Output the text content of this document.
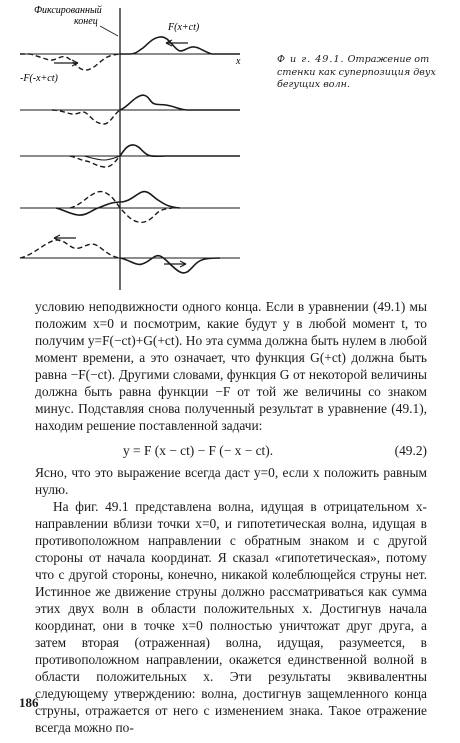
Фиксированный
конец
F(x+ct)
-F(-x+ct)
x	Ф и г. 49.1. Отражение от стенки как суперпозиция двух бегущих волн.

условию неподвижности одного конца. Если в уравнении (49.1) мы положим x=0 и посмотрим, какие будут y в любой момент t, то получим y=F(−ct)+G(+ct). Но эта сумма должна быть нулем в любой момент времени, а это означает, что функция G(+ct) должна быть равна −F(−ct). Другими словами, функция G от некоторой величины должна быть равна функции −F от той же величины со знаком минус. Подставляя снова полученный результат в уравнение (49.1), находим решение поставленной задачи:

y = F (x − ct) − F (− x − ct).	(49.2)

Ясно, что это выражение всегда даст y=0, если x положить равным нулю.

На фиг. 49.1 представлена волна, идущая в отрицательном x-направлении вблизи точки x=0, и гипотетическая волна, идущая в противоположном направлении с обратным знаком и с другой стороны от начала координат. Я сказал «гипотетическая», потому что с другой стороны, конечно, никакой колеблющейся струны нет. Истинное же движение струны должно рассматриваться как сумма этих двух волн в области положительных x. Достигнув начала координат, они в точке x=0 полностью уничтожат друг друга, а затем вторая (отраженная) волна, идущая, разумеется, в противоположном направлении, окажется единственной волной в области положительных x. Эти результаты эквивалентны следующему утверждению: волна, достигнув защемленного конца струны, отражается от него с изменением знака. Такое отражение всегда можно по-

186
